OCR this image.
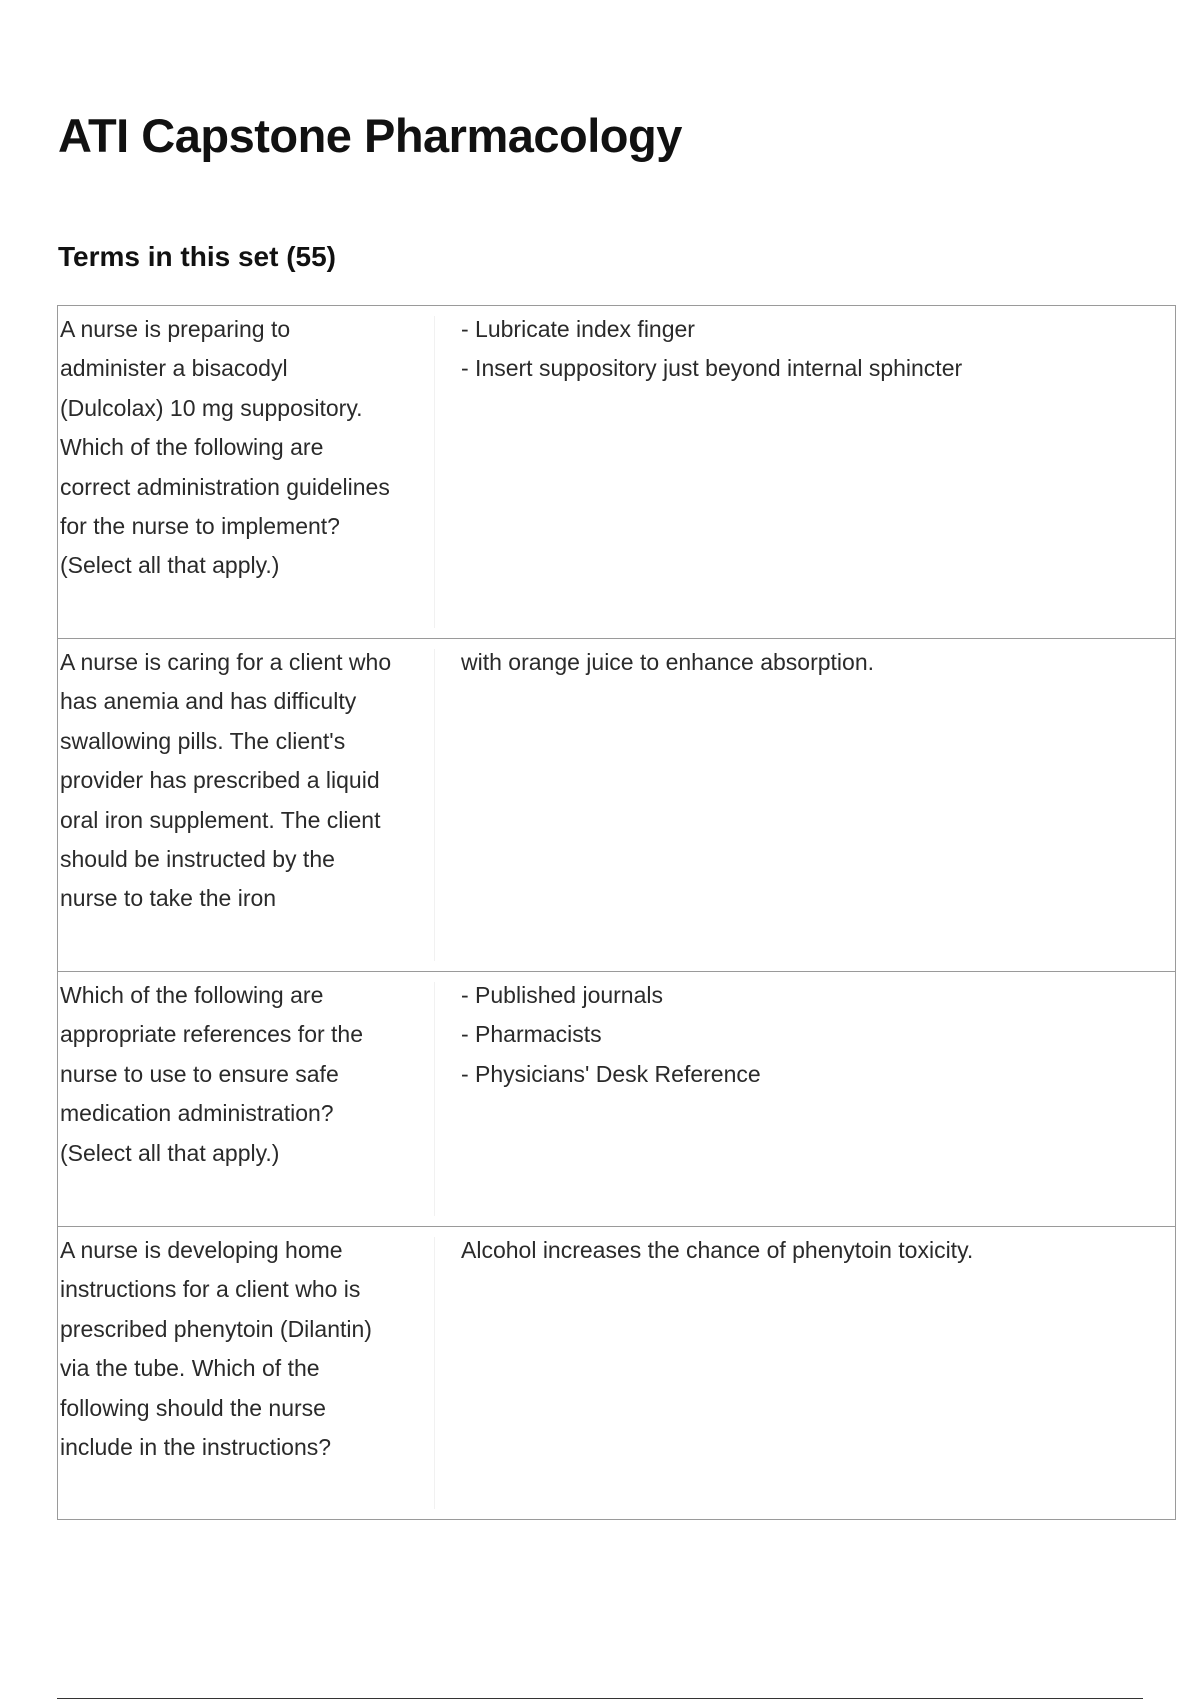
ATI Capstone Pharmacology
Terms in this set (55)
A nurse is preparing to administer a bisacodyl (Dulcolax) 10 mg suppository. Which of the following are correct administration guidelines for the nurse to implement? (Select all that apply.)	- Lubricate index finger
- Insert suppository just beyond internal sphincter

A nurse is caring for a client who has anemia and has difficulty swallowing pills. The client's provider has prescribed a liquid oral iron supplement. The client should be instructed by the nurse to take the iron	with orange juice to enhance absorption.

Which of the following are appropriate references for the nurse to use to ensure safe medication administration? (Select all that apply.)	- Published journals
- Pharmacists
- Physicians' Desk Reference

A nurse is developing home instructions for a client who is prescribed phenytoin (Dilantin) via the tube. Which of the following should the nurse include in the instructions?	Alcohol increases the chance of phenytoin toxicity.
